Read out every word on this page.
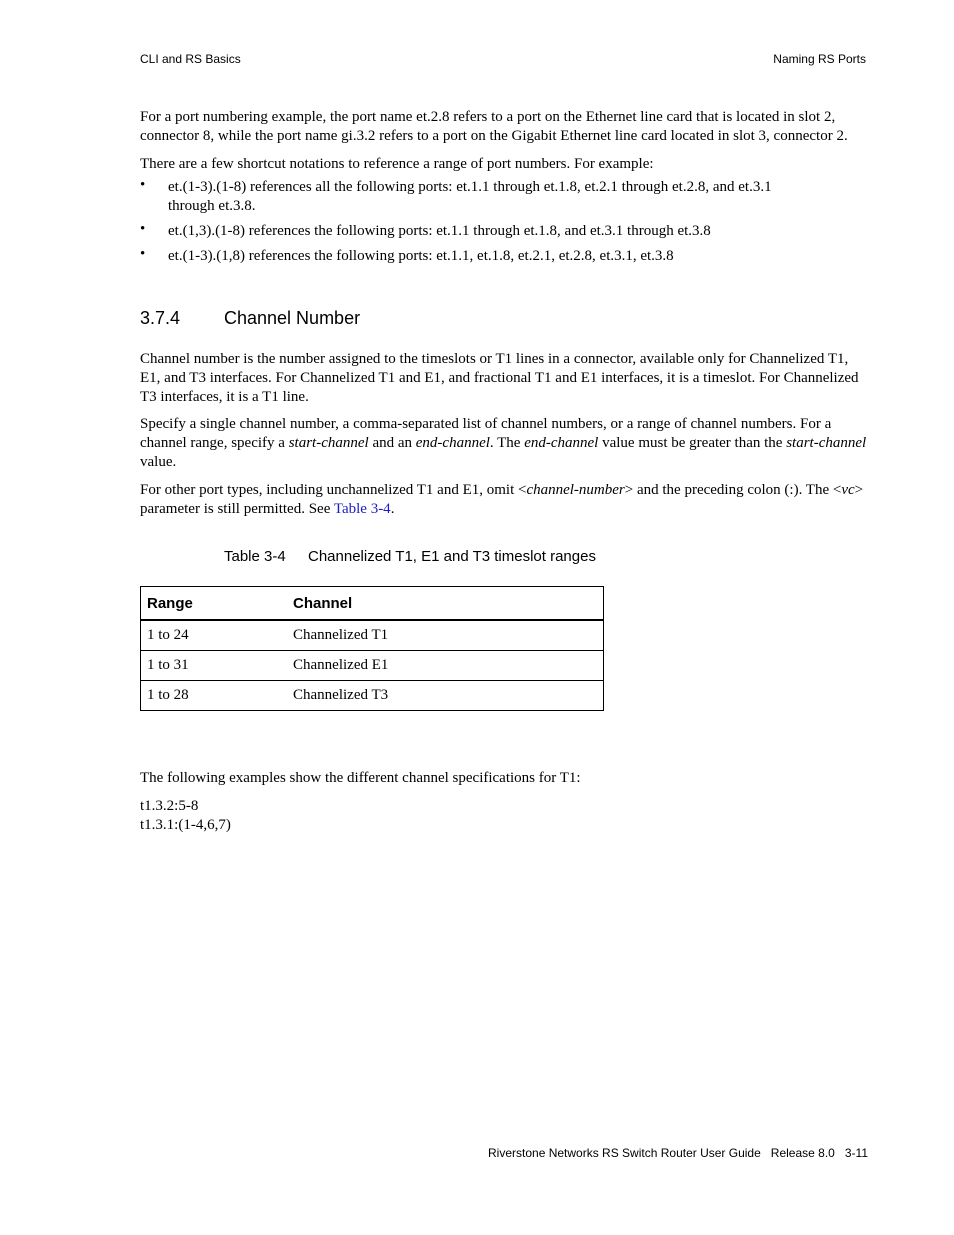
CLI and RS Basics	Naming RS Ports
For a port numbering example, the port name et.2.8 refers to a port on the Ethernet line card that is located in slot 2, connector 8, while the port name gi.3.2 refers to a port on the Gigabit Ethernet line card located in slot 3, connector 2.
There are a few shortcut notations to reference a range of port numbers. For example:
• et.(1-3).(1-8) references all the following ports: et.1.1 through et.1.8, et.2.1 through et.2.8, and et.3.1 through et.3.8.
• et.(1,3).(1-8) references the following ports: et.1.1 through et.1.8, and et.3.1 through et.3.8
• et.(1-3).(1,8) references the following ports: et.1.1, et.1.8, et.2.1, et.2.8, et.3.1, et.3.8
3.7.4 Channel Number
Channel number is the number assigned to the timeslots or T1 lines in a connector, available only for Channelized T1, E1, and T3 interfaces. For Channelized T1 and E1, and fractional T1 and E1 interfaces, it is a timeslot. For Channelized T3 interfaces, it is a T1 line.
Specify a single channel number, a comma-separated list of channel numbers, or a range of channel numbers. For a channel range, specify a start-channel and an end-channel. The end-channel value must be greater than the start-channel value.
For other port types, including unchannelized T1 and E1, omit <channel-number> and the preceding colon (:). The <vc> parameter is still permitted. See Table 3-4.
Table 3-4 Channelized T1, E1 and T3 timeslot ranges
Range	Channel
1 to 24	Channelized T1
1 to 31	Channelized E1
1 to 28	Channelized T3
The following examples show the different channel specifications for T1:
t1.3.2:5-8
t1.3.1:(1-4,6,7)
Riverstone Networks RS Switch Router User Guide Release 8.0 3-11
